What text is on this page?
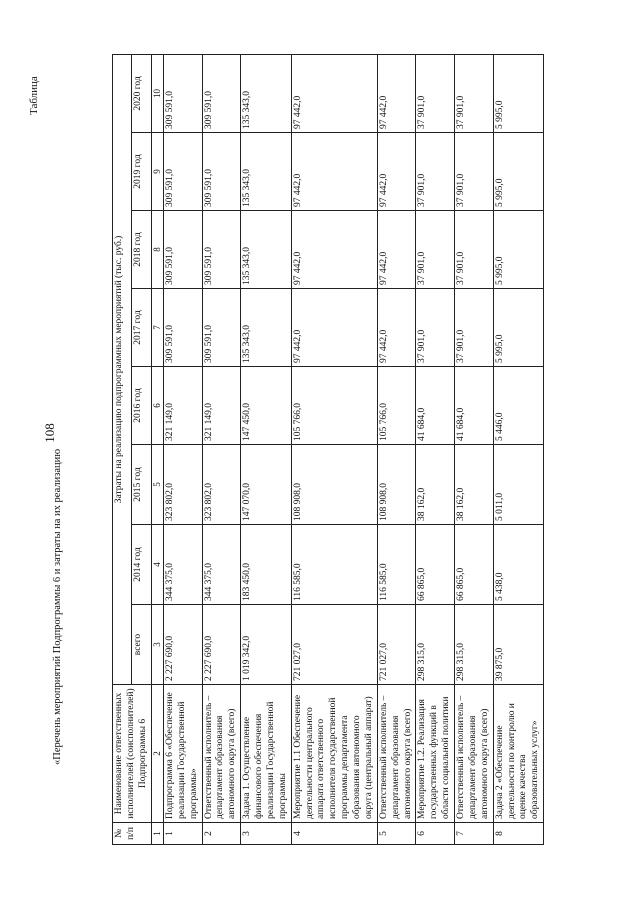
Таблица
«Перечень мероприятий Подпрограммы 6 и затраты на их реализацию
№ п/п	Наименование ответственных исполнителей (соисполнителей) Подпрограммы 6	Затраты на реализацию подпрограммных мероприятий (тыс. руб.)							
		всего	2014 год	2015 год	2016 год	2017 год	2018 год	2019 год	2020 год
1	2	3	4	5	6	7	8	9	10
1	Подпрограмма 6 «Обеспечение реализации Государственной программы»	2 227 690,0	344 375,0	323 802,0	321 149,0	309 591,0	309 591,0	309 591,0	309 591,0
2	Ответственный исполнитель – департамент образования автономного округа (всего)	2 227 690,0	344 375,0	323 802,0	321 149,0	309 591,0	309 591,0	309 591,0	309 591,0
3	Задача 1. Осуществление финансового обеспечения реализации Государственной программы	1 019 342,0	183 450,0	147 070,0	147 450,0	135 343,0	135 343,0	135 343,0	135 343,0
4	Мероприятие 1.1 Обеспечение деятельности центрального аппарата ответственного исполнителя государственной программы департамента образования автономного округа (центральный аппарат)	721 027,0	116 585,0	108 908,0	105 766,0	97 442,0	97 442,0	97 442,0	97 442,0
5	Ответственный исполнитель – департамент образования автономного округа (всего)	721 027,0	116 585,0	108 908,0	105 766,0	97 442,0	97 442,0	97 442,0	97 442,0
6	Мероприятие 1.2. Реализация государственных функций в области социальной политики	298 315,0	66 865,0	38 162,0	41 684,0	37 901,0	37 901,0	37 901,0	37 901,0
7	Ответственный исполнитель – департамент образования автономного округа (всего)	298 315,0	66 865,0	38 162,0	41 684,0	37 901,0	37 901,0	37 901,0	37 901,0
8	Задача 2 «Обеспечение деятельности по контролю и оценке качества образовательных услуг»	39 875,0	5 438,0	5 011,0	5 446,0	5 995,0	5 995,0	5 995,0	5 995,0
108
